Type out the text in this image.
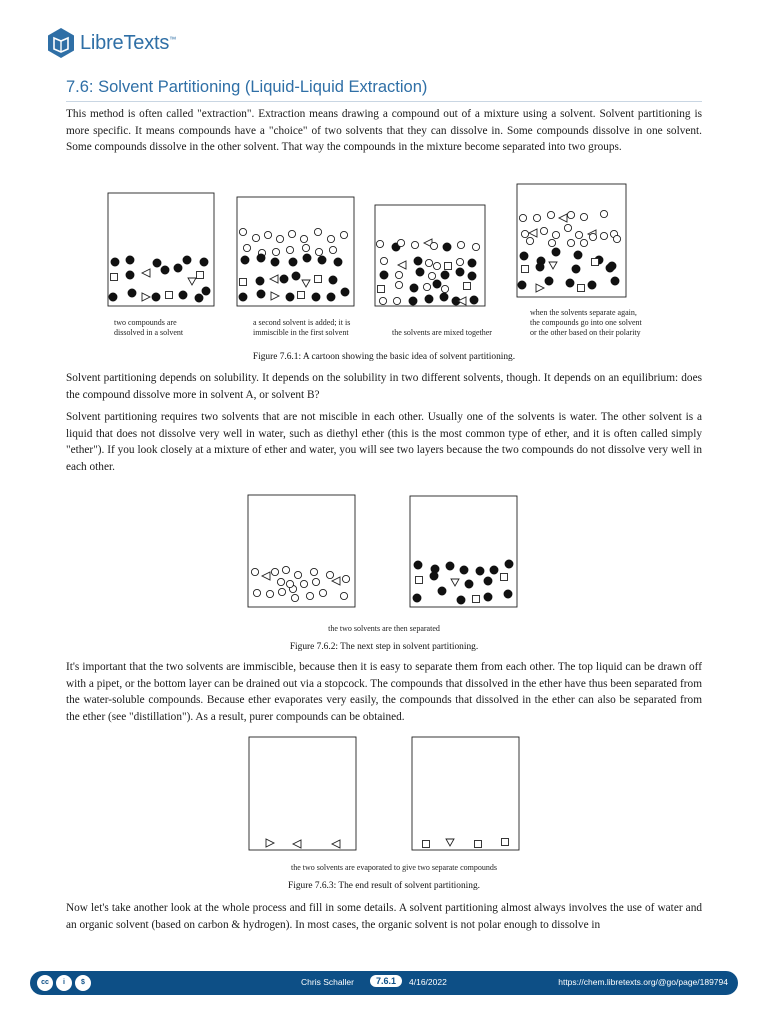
LibreTexts™
7.6: Solvent Partitioning (Liquid-Liquid Extraction)

This method is often called "extraction". Extraction means drawing a compound out of a mixture using a solvent. Solvent partitioning is more specific. It means compounds have a "choice" of two solvents that they can dissolve in. Some compounds dissolve in one solvent. Some compounds dissolve in the other solvent. That way the compounds in the mixture become separated into two groups.

two compounds are dissolved in a solvent
a second solvent is added; it is immiscible in the first solvent	the solvents are mixed together
when the solvents separate again, the compounds go into one solvent or the other based on their polarity
Figure 7.6.1: A cartoon showing the basic idea of solvent partitioning.

Solvent partitioning depends on solubility. It depends on the solubility in two different solvents, though. It depends on an equilibrium: does the compound dissolve more in solvent A, or solvent B?

Solvent partitioning requires two solvents that are not miscible in each other. Usually one of the solvents is water. The other solvent is a liquid that does not dissolve very well in water, such as diethyl ether (this is the most common type of ether, and it is often called simply "ether"). If you look closely at a mixture of ether and water, you will see two layers because the two compounds do not dissolve very well in each other.

the two solvents are then separated
Figure 7.6.2: The next step in solvent partitioning.

It's important that the two solvents are immiscible, because then it is easy to separate them from each other. The top liquid can be drawn off with a pipet, or the bottom layer can be drained out via a stopcock. The compounds that dissolved in the ether have thus been separated from the water-soluble compounds. Because ether evaporates very easily, the compounds that dissolved in the ether can also be separated from the ether (see "distillation"). As a result, purer compounds can be obtained.

the two solvents are evaporated to give two separate compounds
Figure 7.6.3: The end result of solvent partitioning.

Now let's take another look at the whole process and fill in some details. A solvent partitioning almost always involves the use of water and an organic solvent (based on carbon & hydrogen). In most cases, the organic solvent is not polar enough to dissolve in

cc	i	$	Chris Schaller	7.6.1	4/16/2022	https://chem.libretexts.org/@go/page/189794
